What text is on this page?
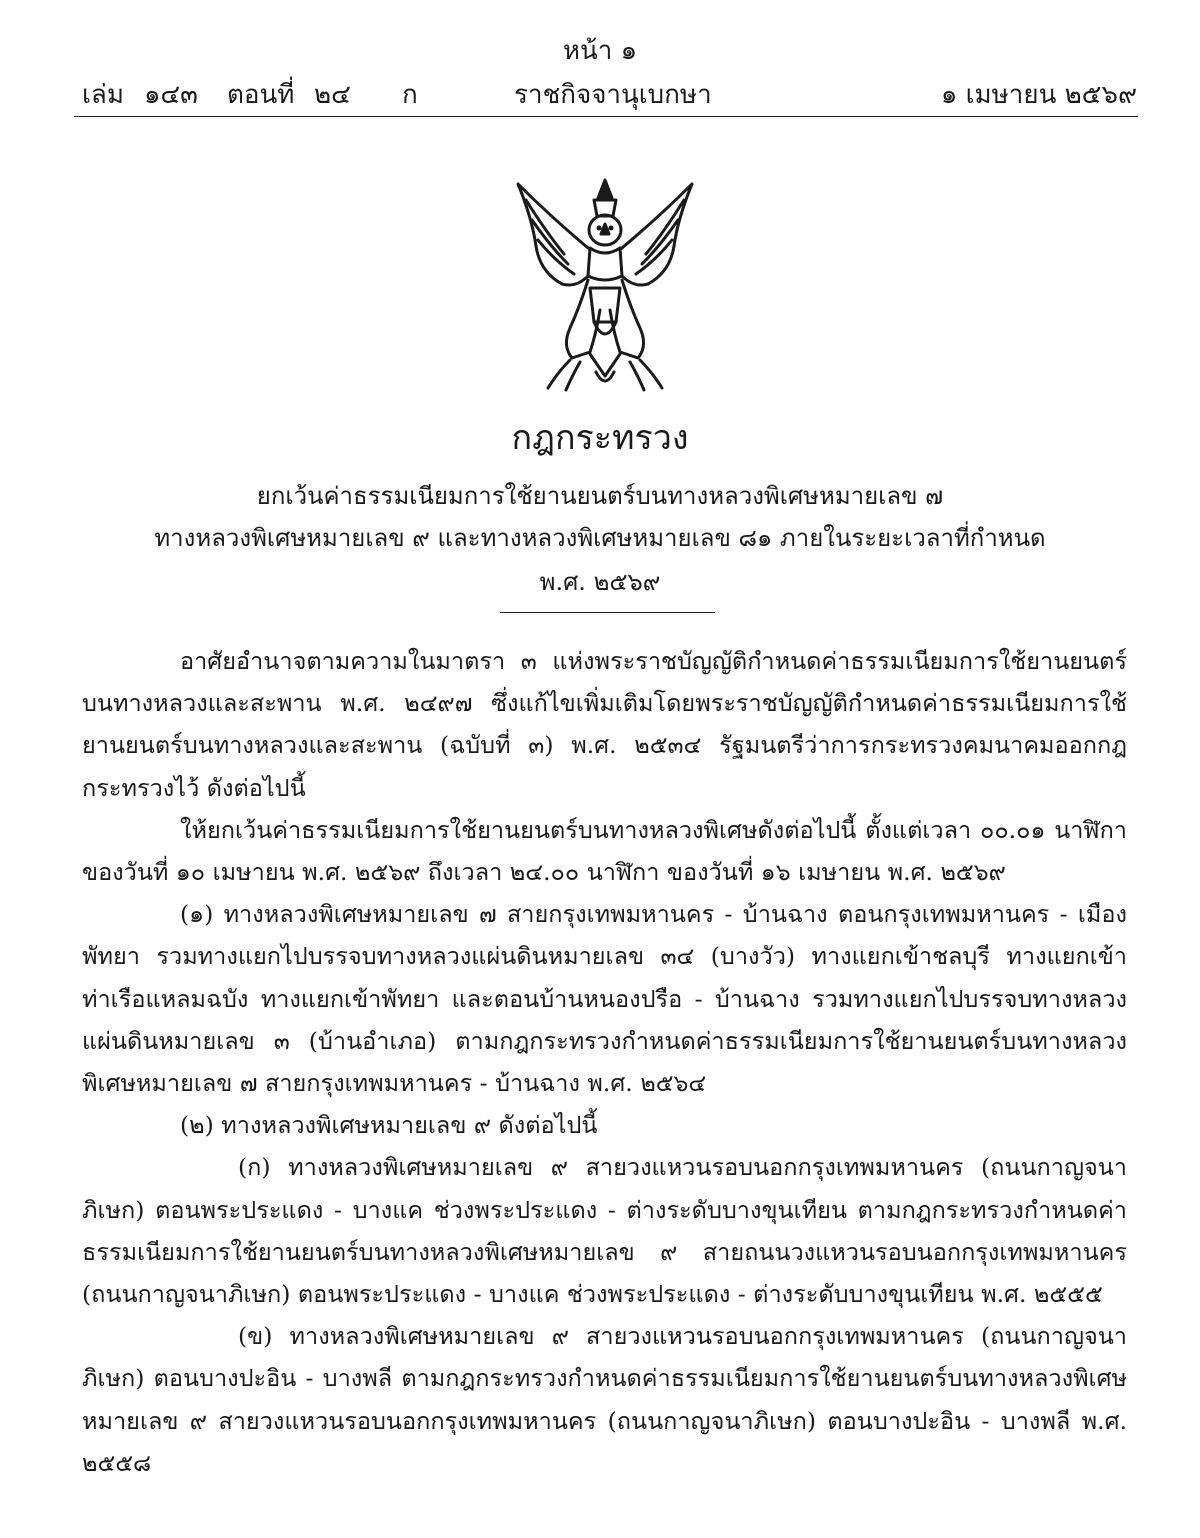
หน้า ๑
เล่ม ๑๔๓ ตอนที่ ๒๔ ก	ราชกิจจานุเบกษา	๑ เมษายน ๒๕๖๙
กฎกระทรวง
ยกเว้นค่าธรรมเนียมการใช้ยานยนตร์บนทางหลวงพิเศษหมายเลข ๗
ทางหลวงพิเศษหมายเลข ๙ และทางหลวงพิเศษหมายเลข ๘๑ ภายในระยะเวลาที่กำหนด
พ.ศ. ๒๕๖๙

อาศัยอำนาจตามความในมาตรา ๓ แห่งพระราชบัญญัติกำหนดค่าธรรมเนียมการใช้ยานยนตร์บนทางหลวงและสะพาน พ.ศ. ๒๔๙๗ ซึ่งแก้ไขเพิ่มเติมโดยพระราชบัญญัติกำหนดค่าธรรมเนียมการใช้ยานยนตร์บนทางหลวงและสะพาน (ฉบับที่ ๓) พ.ศ. ๒๕๓๔ รัฐมนตรีว่าการกระทรวงคมนาคมออกกฎกระทรวงไว้ ดังต่อไปนี้

ให้ยกเว้นค่าธรรมเนียมการใช้ยานยนตร์บนทางหลวงพิเศษดังต่อไปนี้ ตั้งแต่เวลา ๐๐.๐๑ นาฬิกา ของวันที่ ๑๐ เมษายน พ.ศ. ๒๕๖๙ ถึงเวลา ๒๔.๐๐ นาฬิกา ของวันที่ ๑๖ เมษายน พ.ศ. ๒๕๖๙

(๑) ทางหลวงพิเศษหมายเลข ๗ สายกรุงเทพมหานคร - บ้านฉาง ตอนกรุงเทพมหานคร - เมืองพัทยา รวมทางแยกไปบรรจบทางหลวงแผ่นดินหมายเลข ๓๔ (บางวัว) ทางแยกเข้าชลบุรี ทางแยกเข้าท่าเรือแหลมฉบัง ทางแยกเข้าพัทยา และตอนบ้านหนองปรือ - บ้านฉาง รวมทางแยกไปบรรจบทางหลวงแผ่นดินหมายเลข ๓ (บ้านอำเภอ) ตามกฎกระทรวงกำหนดค่าธรรมเนียมการใช้ยานยนตร์บนทางหลวงพิเศษหมายเลข ๗ สายกรุงเทพมหานคร - บ้านฉาง พ.ศ. ๒๕๖๔

(๒) ทางหลวงพิเศษหมายเลข ๙ ดังต่อไปนี้

(ก) ทางหลวงพิเศษหมายเลข ๙ สายวงแหวนรอบนอกกรุงเทพมหานคร (ถนนกาญจนาภิเษก) ตอนพระประแดง - บางแค ช่วงพระประแดง - ต่างระดับบางขุนเทียน ตามกฎกระทรวงกำหนดค่าธรรมเนียมการใช้ยานยนตร์บนทางหลวงพิเศษหมายเลข ๙ สายถนนวงแหวนรอบนอกกรุงเทพมหานคร (ถนนกาญจนาภิเษก) ตอนพระประแดง - บางแค ช่วงพระประแดง - ต่างระดับบางขุนเทียน พ.ศ. ๒๕๕๕

(ข) ทางหลวงพิเศษหมายเลข ๙ สายวงแหวนรอบนอกกรุงเทพมหานคร (ถนนกาญจนาภิเษก) ตอนบางปะอิน - บางพลี ตามกฎกระทรวงกำหนดค่าธรรมเนียมการใช้ยานยนตร์บนทางหลวงพิเศษหมายเลข ๙ สายวงแหวนรอบนอกกรุงเทพมหานคร (ถนนกาญจนาภิเษก) ตอนบางปะอิน - บางพลี พ.ศ. ๒๕๕๘
